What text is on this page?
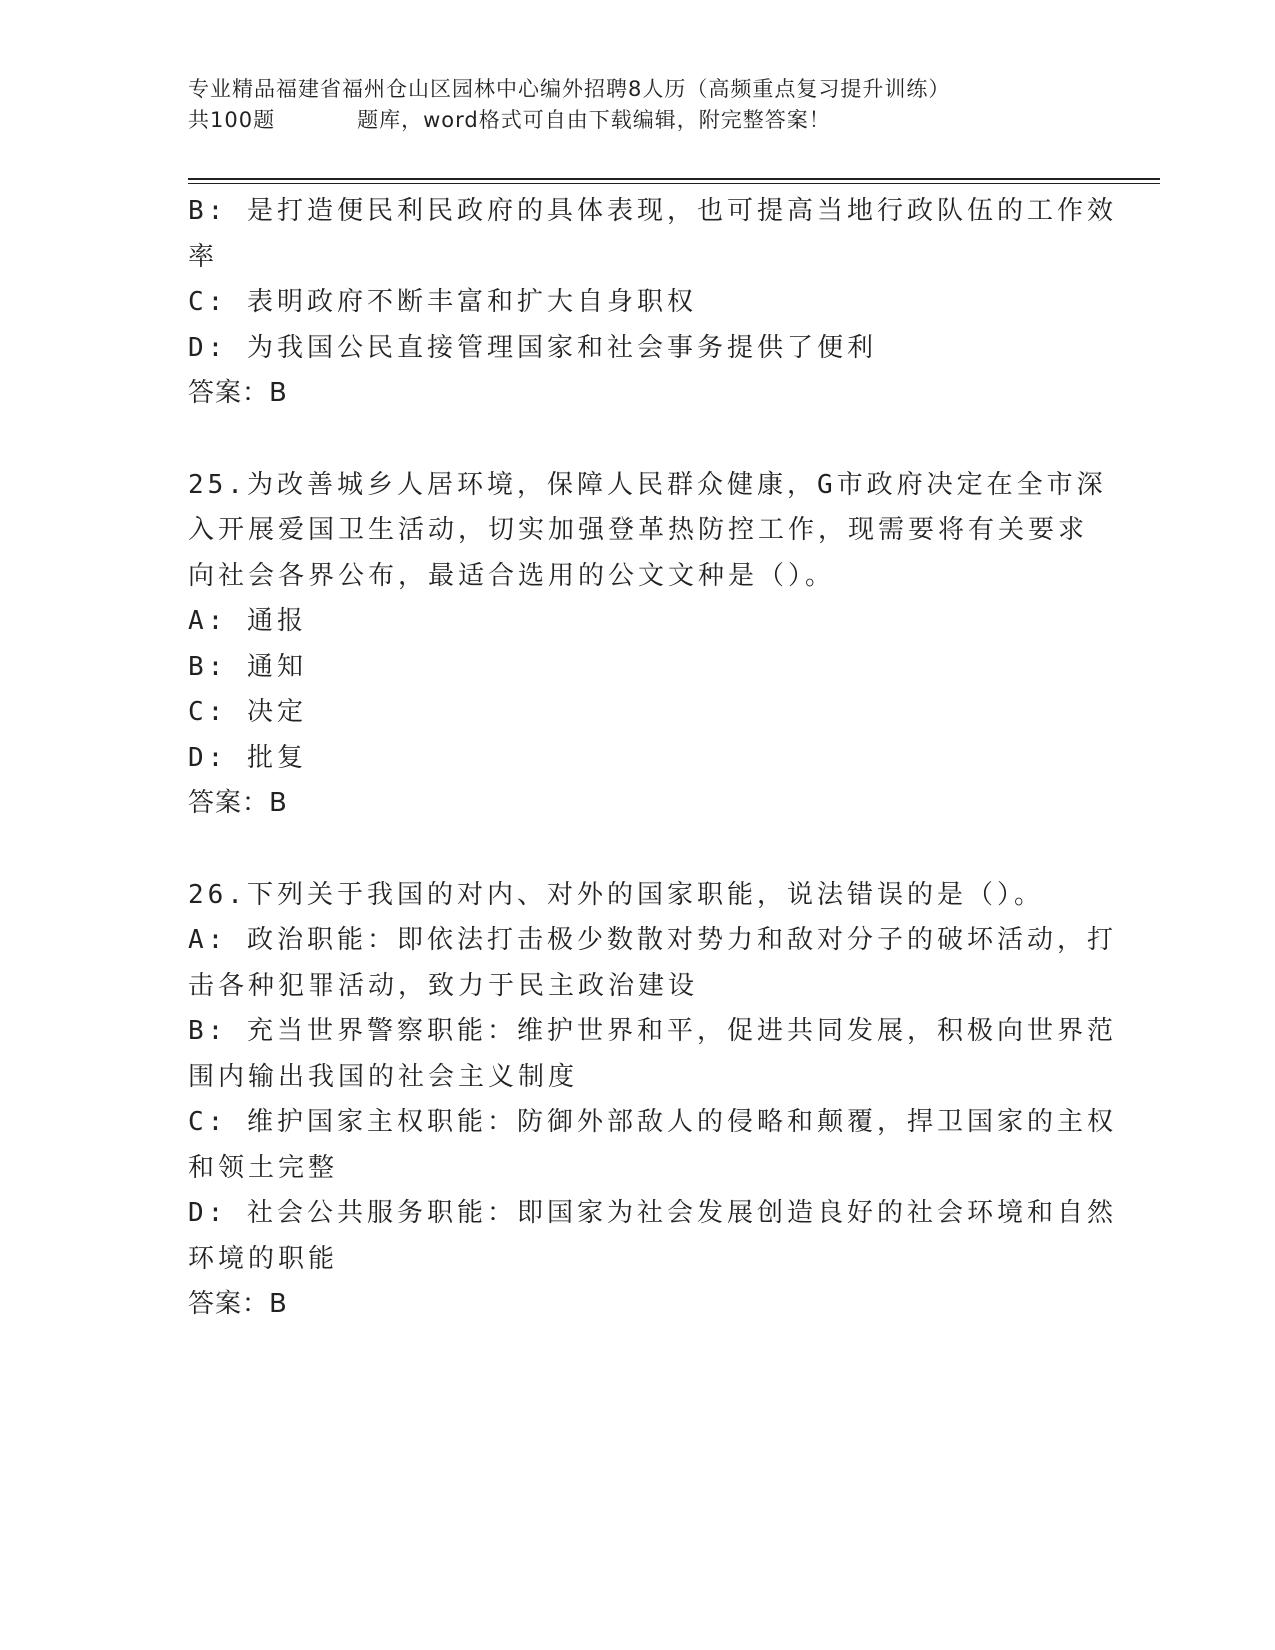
专业精品福建省福州仓山区园林中心编外招聘8人历（高频重点复习提升训练）
共100题	题库，word格式可自由下载编辑，附完整答案！

B: 是打造便民利民政府的具体表现，也可提高当地行政队伍的工作效

率

C: 表明政府不断丰富和扩大自身职权

D: 为我国公民直接管理国家和社会事务提供了便利

答案：B

25.为改善城乡人居环境，保障人民群众健康，G市政府决定在全市深

入开展爱国卫生活动，切实加强登革热防控工作，现需要将有关要求

向社会各界公布，最适合选用的公文文种是（）。

A: 通报

B: 通知

C: 决定

D: 批复

答案：B

26.下列关于我国的对内、对外的国家职能，说法错误的是（）。

A: 政治职能：即依法打击极少数散对势力和敌对分子的破坏活动，打

击各种犯罪活动，致力于民主政治建设

B: 充当世界警察职能：维护世界和平，促进共同发展，积极向世界范

围内输出我国的社会主义制度

C: 维护国家主权职能：防御外部敌人的侵略和颠覆，捍卫国家的主权

和领土完整

D: 社会公共服务职能：即国家为社会发展创造良好的社会环境和自然

环境的职能

答案：B
